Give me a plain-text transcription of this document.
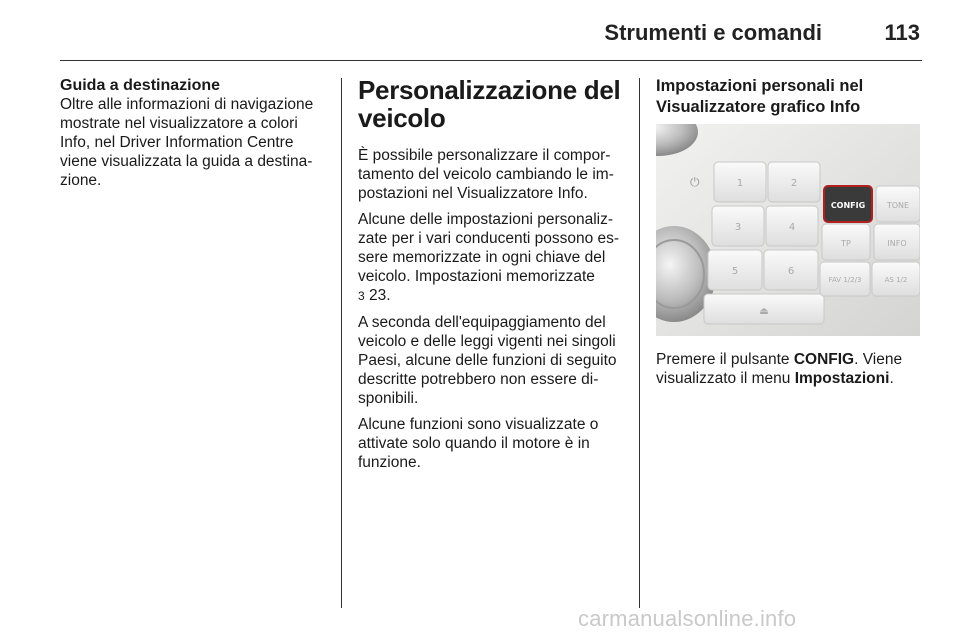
Strumenti e comandi	113
Guida a destinazione

Oltre alle informazioni di navigazione mostrate nel visualizzatore a colori Info, nel Driver Information Centre viene visualizzata la guida a destina-zione.

Personalizzazione del veicolo

È possibile personalizzare il compor-tamento del veicolo cambiando le im-postazioni nel Visualizzatore Info.

Alcune delle impostazioni personaliz-zate per i vari conducenti possono es-sere memorizzate in ogni chiave del veicolo. Impostazioni memorizzate
3 23.

A seconda dell'equipaggiamento del veicolo e delle leggi vigenti nei singoli Paesi, alcune delle funzioni di seguito descritte potrebbero non essere di-sponibili.

Alcune funzioni sono visualizzate o attivate solo quando il motore è in funzione.

Impostazioni personali nel Visualizzatore grafico Info
⏻	1	2
3	4
5	6
CONFIG	TONE
TP	INFO
FAV 1/2/3	AS 1/2
⏏

Premere il pulsante CONFIG. Viene visualizzato il menu Impostazioni.

carmanualsonline.info
